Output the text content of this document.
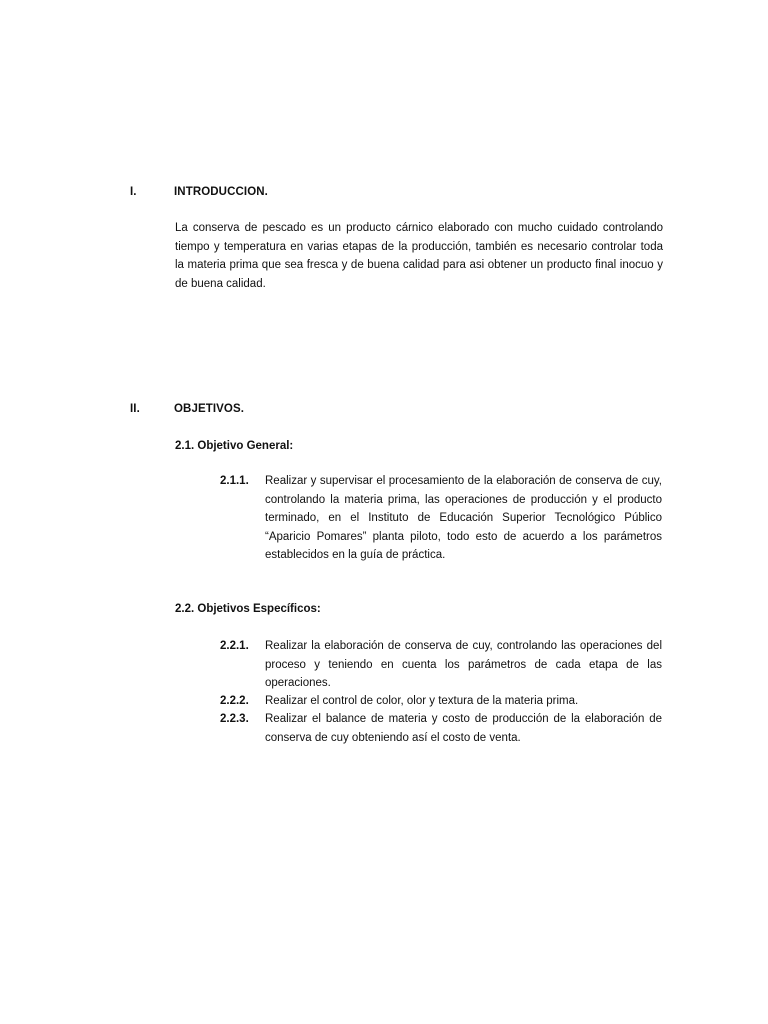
I.	INTRODUCCION.
La conserva de pescado es un producto cárnico elaborado con mucho cuidado controlando
tiempo y temperatura en varias etapas de la producción, también es necesario controlar toda
la materia prima que sea fresca y de buena calidad para asi obtener un producto final inocuo y
de buena calidad.
II.	OBJETIVOS.
2.1. Objetivo General:
2.1.1. Realizar y supervisar el procesamiento de la elaboración de conserva de cuy,
controlando la materia prima, las operaciones de producción y el producto
terminado, en el Instituto de Educación Superior Tecnológico Público
“Aparicio Pomares” planta piloto, todo esto de acuerdo a los parámetros
establecidos en la guía de práctica.
2.2. Objetivos Específicos:
2.2.1. Realizar la elaboración de conserva de cuy, controlando las operaciones del
proceso y teniendo en cuenta los parámetros de cada etapa de las
operaciones.
2.2.2. Realizar el control de color, olor y textura de la materia prima.
2.2.3. Realizar el balance de materia y costo de producción de la elaboración de
conserva de cuy obteniendo así el costo de venta.
